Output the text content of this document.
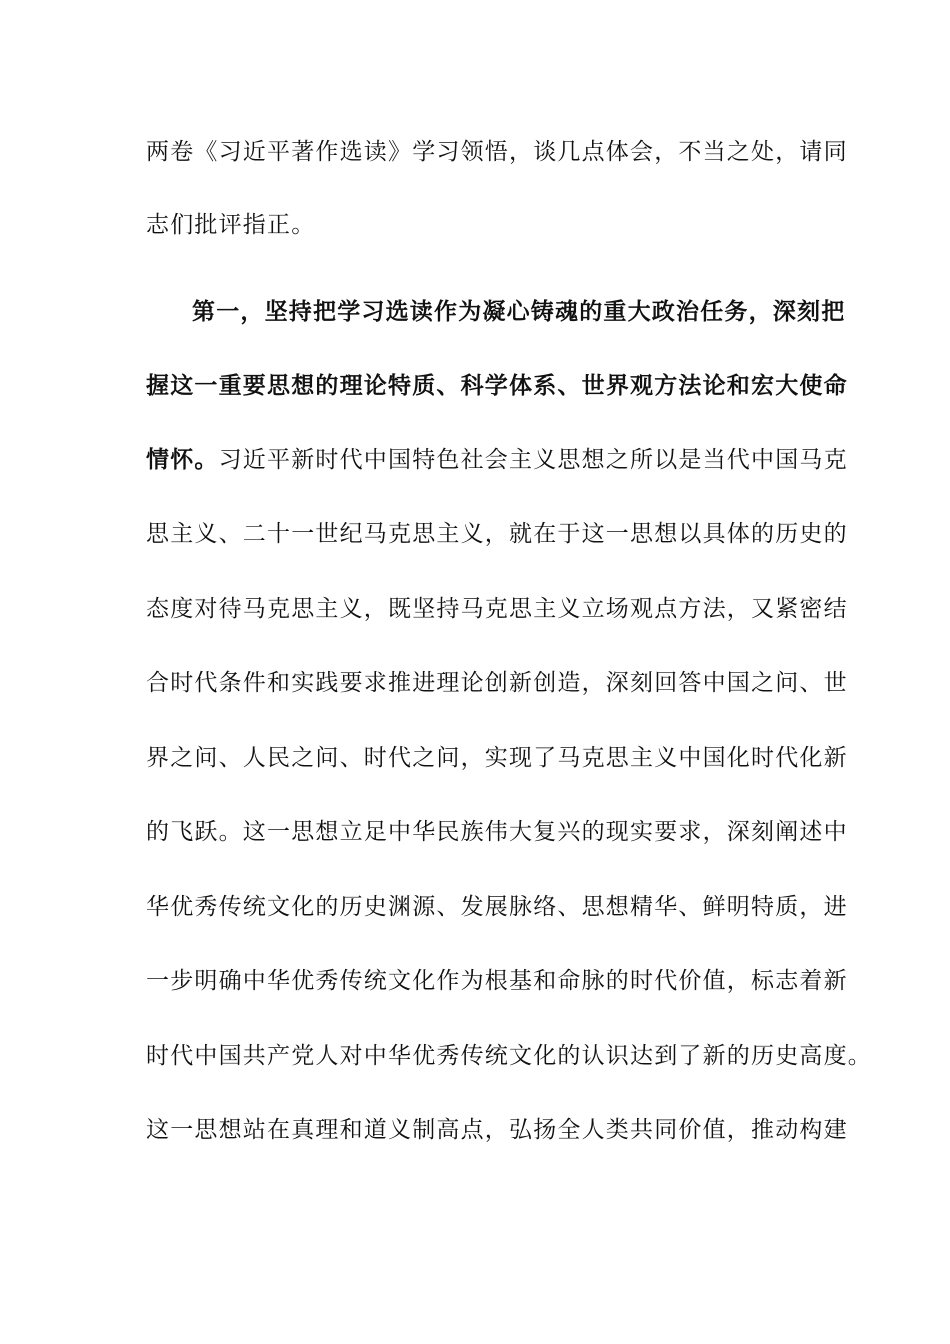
两卷《习近平著作选读》学习领悟，谈几点体会，不当之处，请同
志们批评指正。
第一，坚持把学习选读作为凝心铸魂的重大政治任务，深刻把
握这一重要思想的理论特质、科学体系、世界观方法论和宏大使命
情怀。习近平新时代中国特色社会主义思想之所以是当代中国马克
思主义、二十一世纪马克思主义，就在于这一思想以具体的历史的
态度对待马克思主义，既坚持马克思主义立场观点方法，又紧密结
合时代条件和实践要求推进理论创新创造，深刻回答中国之问、世
界之问、人民之问、时代之问，实现了马克思主义中国化时代化新
的飞跃。这一思想立足中华民族伟大复兴的现实要求，深刻阐述中
华优秀传统文化的历史渊源、发展脉络、思想精华、鲜明特质，进
一步明确中华优秀传统文化作为根基和命脉的时代价值，标志着新
时代中国共产党人对中华优秀传统文化的认识达到了新的历史高度。
这一思想站在真理和道义制高点，弘扬全人类共同价值，推动构建
